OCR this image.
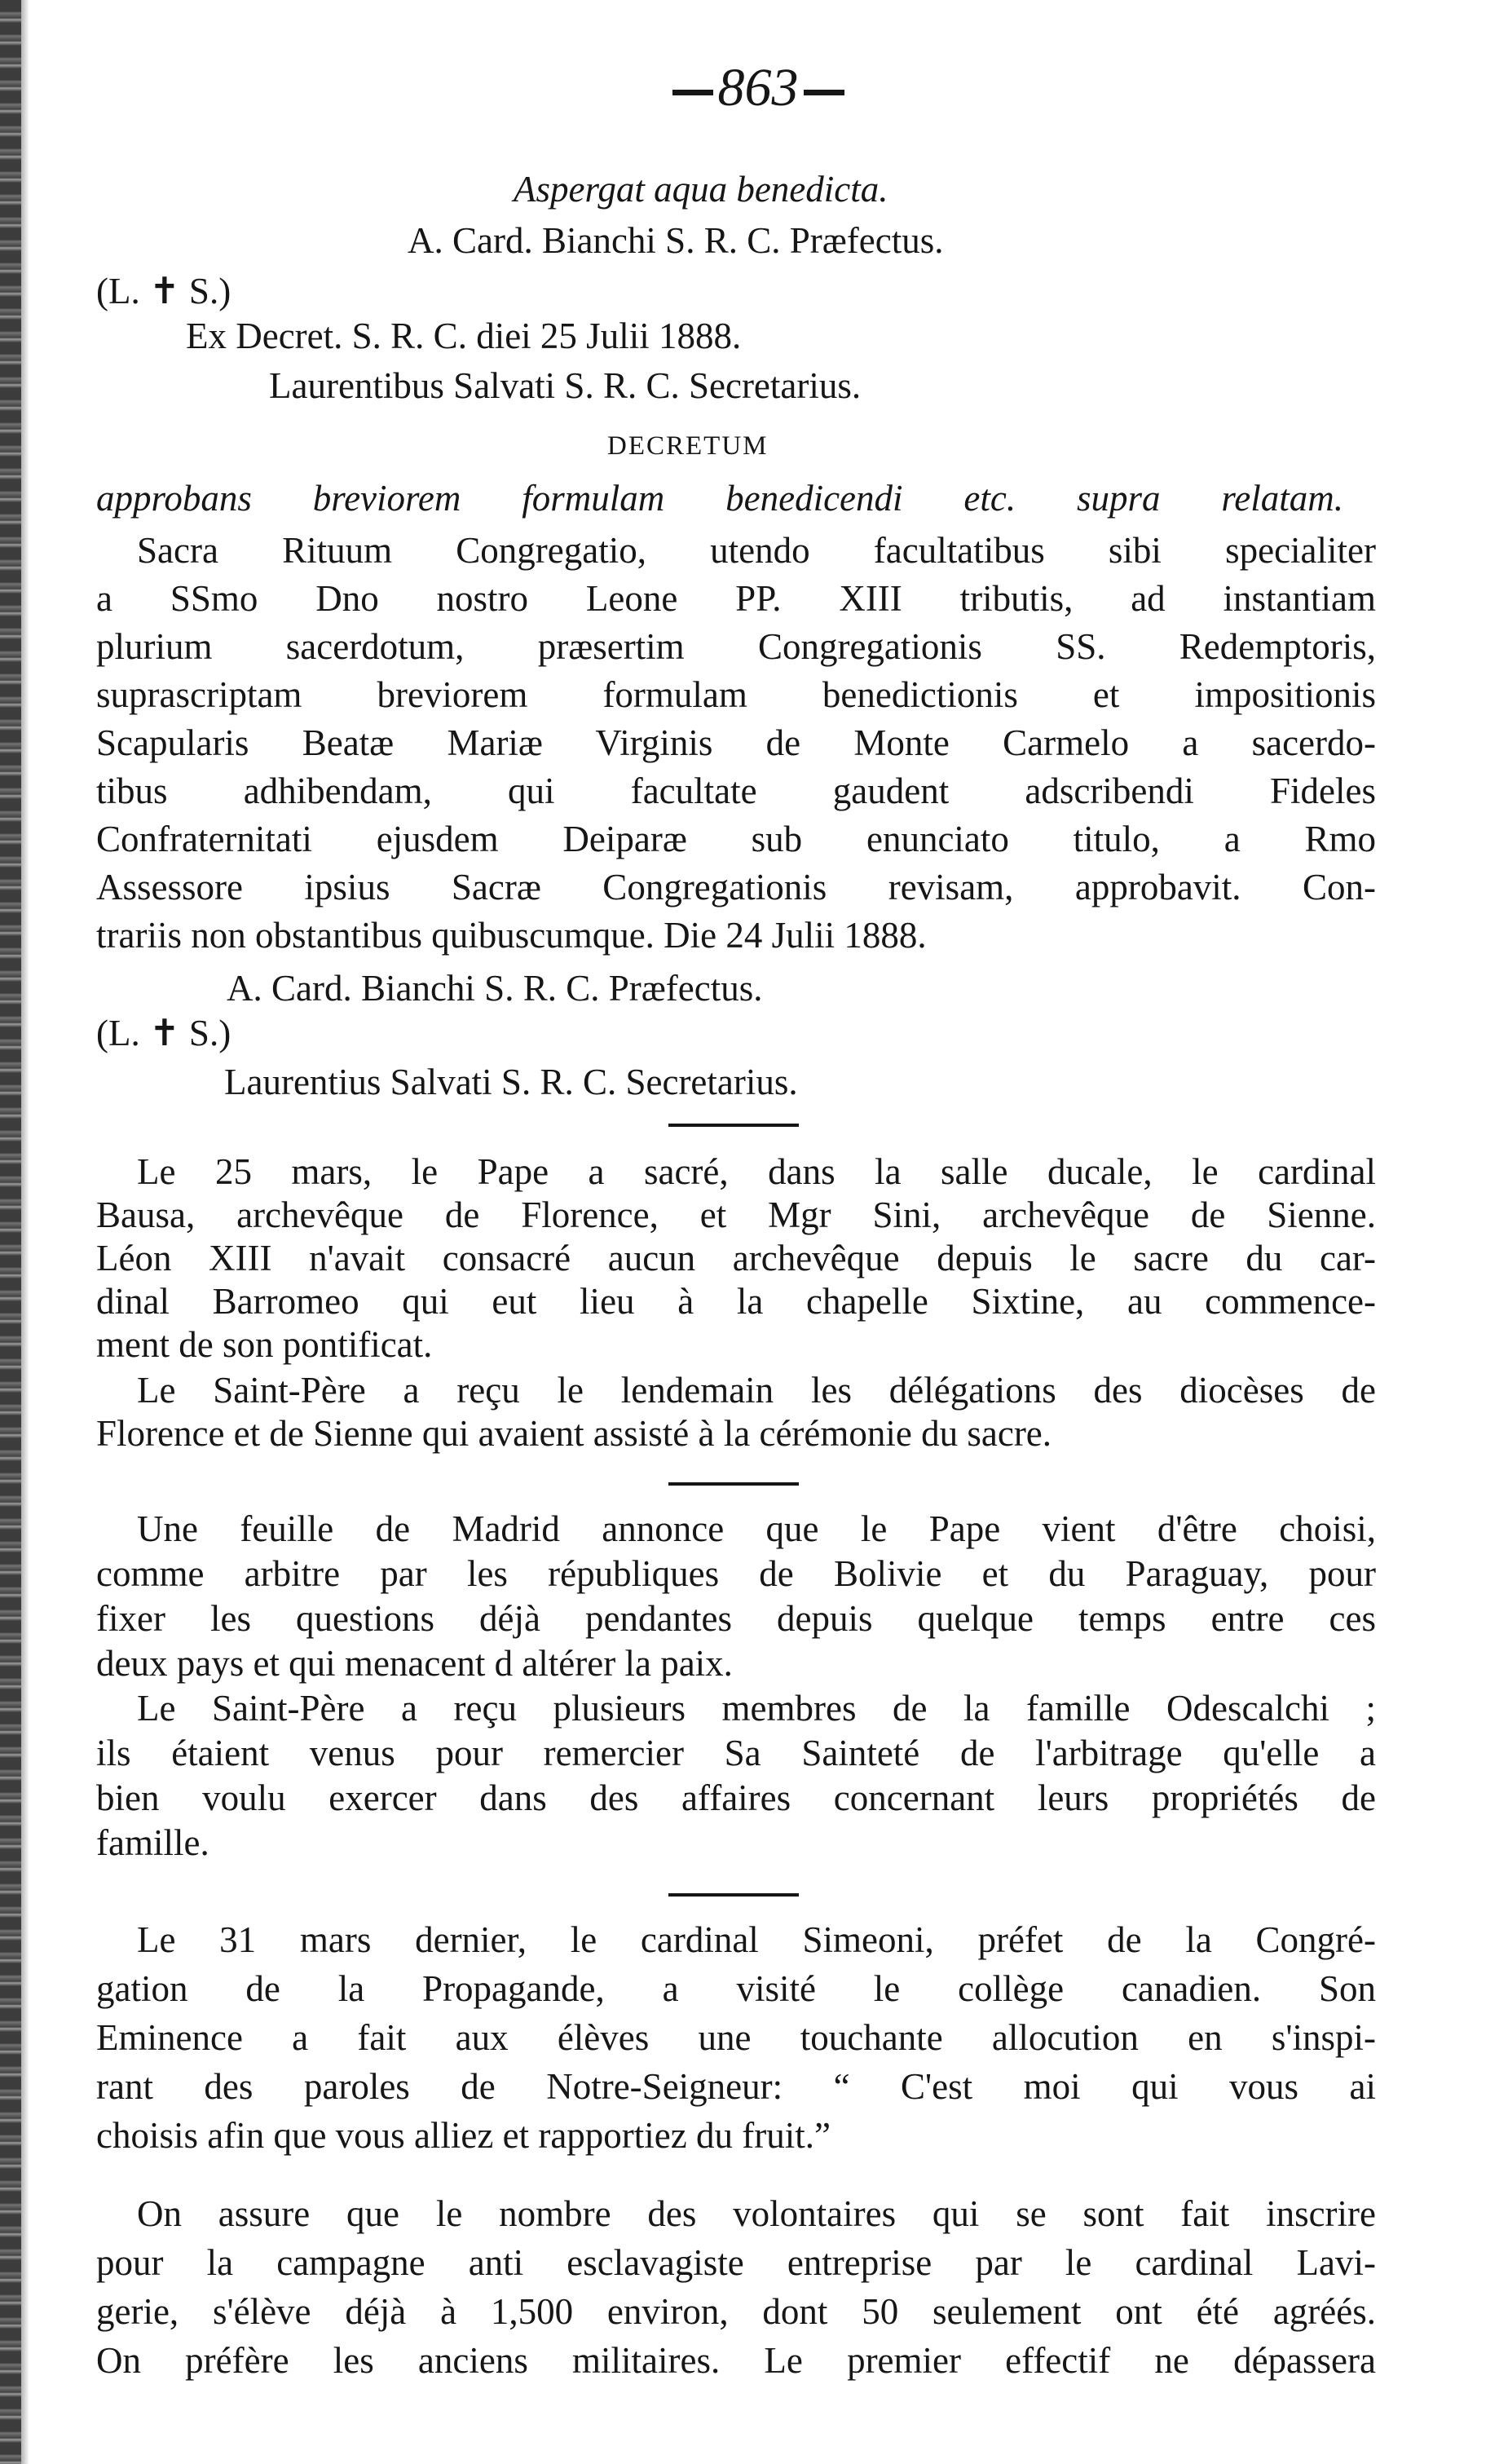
863
Aspergat aqua benedicta.
A. Card. Bianchi S. R. C. Præfectus.
(L. ✝ S.)
Ex Decret. S. R. C. diei 25 Julii 1888.
Laurentibus Salvati S. R. C. Secretarius.
DECRETUM
approbans breviorem formulam benedicendi etc. supra relatam.
Sacra Rituum Congregatio, utendo facultatibus sibi specialiter
a SSmo Dno nostro Leone PP. XIII tributis, ad instantiam
plurium sacerdotum, præsertim Congregationis SS. Redemptoris,
suprascriptam breviorem formulam benedictionis et impositionis
Scapularis Beatæ Mariæ Virginis de Monte Carmelo a sacerdo-
tibus adhibendam, qui facultate gaudent adscribendi Fideles
Confraternitati ejusdem Deiparæ sub enunciato titulo, a Rmo
Assessore ipsius Sacræ Congregationis revisam, approbavit. Con-
trariis non obstantibus quibuscumque. Die 24 Julii 1888.
A. Card. Bianchi S. R. C. Præfectus.
(L. ✝ S.)
Laurentius Salvati S. R. C. Secretarius.
Le 25 mars, le Pape a sacré, dans la salle ducale, le cardinal
Bausa, archevêque de Florence, et Mgr Sini, archevêque de Sienne.
Léon XIII n'avait consacré aucun archevêque depuis le sacre du car-
dinal Barromeo qui eut lieu à la chapelle Sixtine, au commence-
ment de son pontificat.
Le Saint-Père a reçu le lendemain les délégations des diocèses de
Florence et de Sienne qui avaient assisté à la cérémonie du sacre.
Une feuille de Madrid annonce que le Pape vient d'être choisi,
comme arbitre par les républiques de Bolivie et du Paraguay, pour
fixer les questions déjà pendantes depuis quelque temps entre ces
deux pays et qui menacent d altérer la paix.
Le Saint-Père a reçu plusieurs membres de la famille Odescalchi ;
ils étaient venus pour remercier Sa Sainteté de l'arbitrage qu'elle a
bien voulu exercer dans des affaires concernant leurs propriétés de
famille.
Le 31 mars dernier, le cardinal Simeoni, préfet de la Congré-
gation de la Propagande, a visité le collège canadien. Son
Eminence a fait aux élèves une touchante allocution en s'inspi-
rant des paroles de Notre-Seigneur: “ C'est moi qui vous ai
choisis afin que vous alliez et rapportiez du fruit.”
On assure que le nombre des volontaires qui se sont fait inscrire
pour la campagne anti esclavagiste entreprise par le cardinal Lavi-
gerie, s'élève déjà à 1,500 environ, dont 50 seulement ont été agréés.
On préfère les anciens militaires. Le premier effectif ne dépassera
